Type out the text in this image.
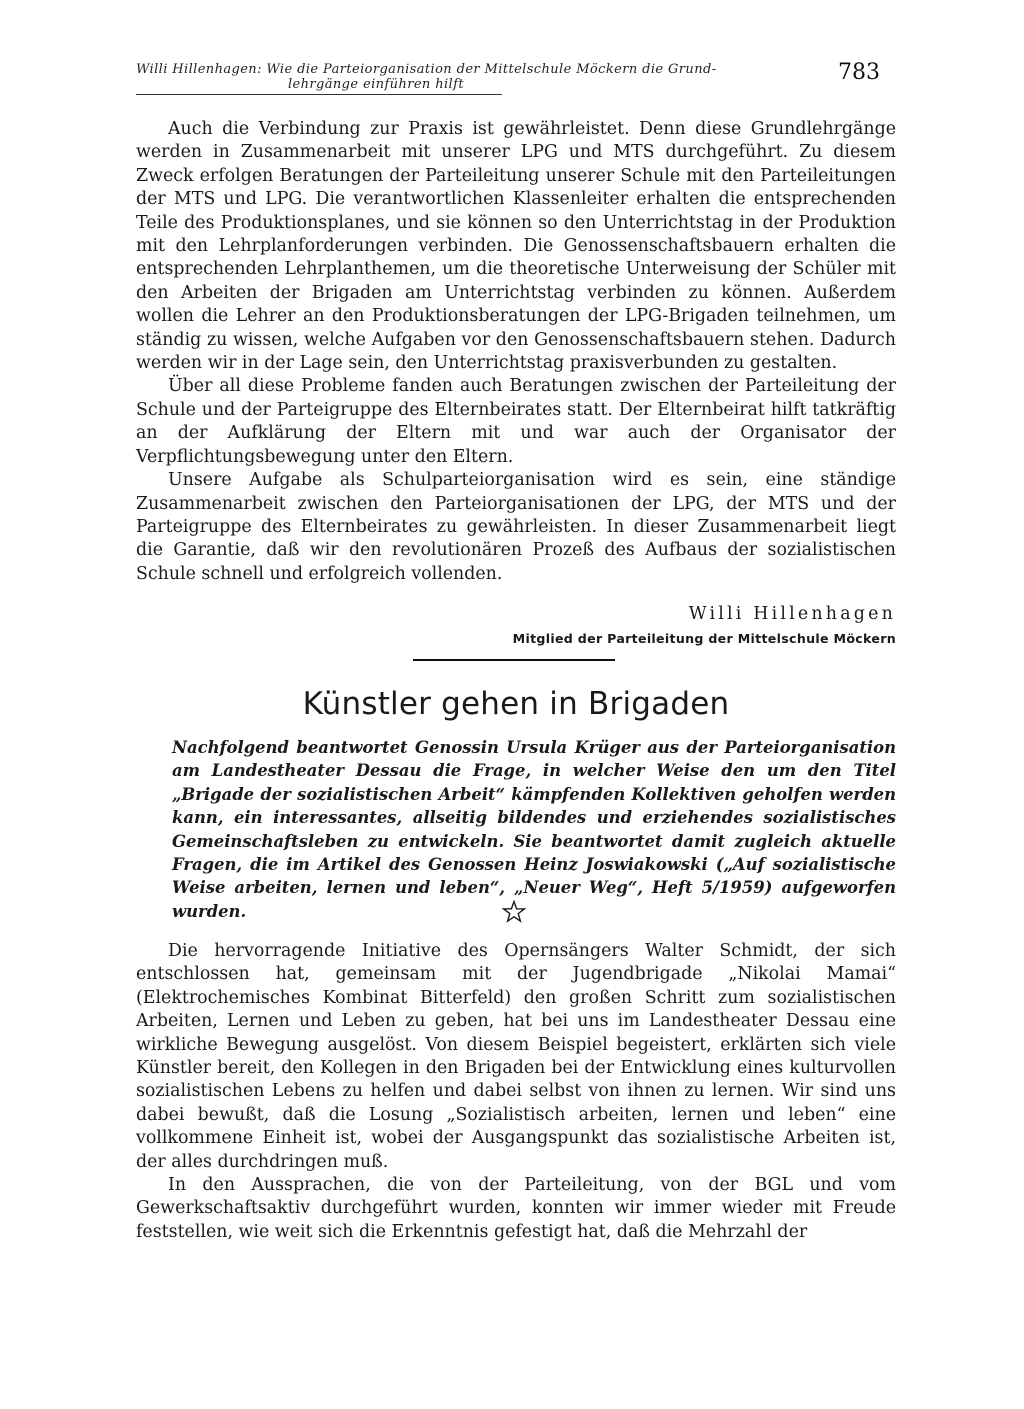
Willi Hillenhagen: Wie die Parteiorganisation der Mittelschule Möckern die Grund-
lehrgänge einführen hilft	783

Auch die Verbindung zur Praxis ist gewährleistet. Denn diese Grundlehrgänge werden in Zusammenarbeit mit unserer LPG und MTS durchgeführt. Zu diesem Zweck erfolgen Beratungen der Parteileitung unserer Schule mit den Parteileitungen der MTS und LPG. Die verantwortlichen Klassenleiter erhalten die entsprechenden Teile des Produktionsplanes, und sie können so den Unterrichtstag in der Produktion mit den Lehrplanforderungen verbinden. Die Genossenschaftsbauern erhalten die entsprechenden Lehrplanthemen, um die theoretische Unterweisung der Schüler mit den Arbeiten der Brigaden am Unterrichtstag verbinden zu können. Außerdem wollen die Lehrer an den Produktionsberatungen der LPG-Brigaden teilnehmen, um ständig zu wissen, welche Aufgaben vor den Genossenschaftsbauern stehen. Dadurch werden wir in der Lage sein, den Unterrichtstag praxisverbunden zu gestalten.

Über all diese Probleme fanden auch Beratungen zwischen der Parteileitung der Schule und der Parteigruppe des Elternbeirates statt. Der Elternbeirat hilft tatkräftig an der Aufklärung der Eltern mit und war auch der Organisator der Verpflichtungsbewegung unter den Eltern.

Unsere Aufgabe als Schulparteiorganisation wird es sein, eine ständige Zusammenarbeit zwischen den Parteiorganisationen der LPG, der MTS und der Parteigruppe des Elternbeirates zu gewährleisten. In dieser Zusammenarbeit liegt die Garantie, daß wir den revolutionären Prozeß des Aufbaus der sozialistischen Schule schnell und erfolgreich vollenden.

Willi Hillenhagen
Mitglied der Parteileitung der Mittelschule Möckern
Künstler gehen in Brigaden

Nachfolgend beantwortet Genossin Ursula Krüger aus der Parteiorganisation am Landestheater Dessau die Frage, in welcher Weise den um den Titel „Brigade der sozialistischen Arbeit“ kämpfenden Kollektiven geholfen werden kann, ein interessantes, allseitig bildendes und erziehendes sozialistisches Gemeinschaftsleben zu entwickeln. Sie beantwortet damit zugleich aktuelle Fragen, die im Artikel des Genossen Heinz Joswiakowski („Auf sozialistische Weise arbeiten, lernen und leben“, „Neuer Weg“, Heft 5/1959) aufgeworfen wurden.

Die hervorragende Initiative des Opernsängers Walter Schmidt, der sich entschlossen hat, gemeinsam mit der Jugendbrigade „Nikolai Mamai“ (Elektrochemisches Kombinat Bitterfeld) den großen Schritt zum sozialistischen Arbeiten, Lernen und Leben zu geben, hat bei uns im Landestheater Dessau eine wirkliche Bewegung ausgelöst. Von diesem Beispiel begeistert, erklärten sich viele Künstler bereit, den Kollegen in den Brigaden bei der Entwicklung eines kulturvollen sozialistischen Lebens zu helfen und dabei selbst von ihnen zu lernen. Wir sind uns dabei bewußt, daß die Losung „Sozialistisch arbeiten, lernen und leben“ eine vollkommene Einheit ist, wobei der Ausgangspunkt das sozialistische Arbeiten ist, der alles durchdringen muß.

In den Aussprachen, die von der Parteileitung, von der BGL und vom Gewerkschaftsaktiv durchgeführt wurden, konnten wir immer wieder mit Freude feststellen, wie weit sich die Erkenntnis gefestigt hat, daß die Mehrzahl der
